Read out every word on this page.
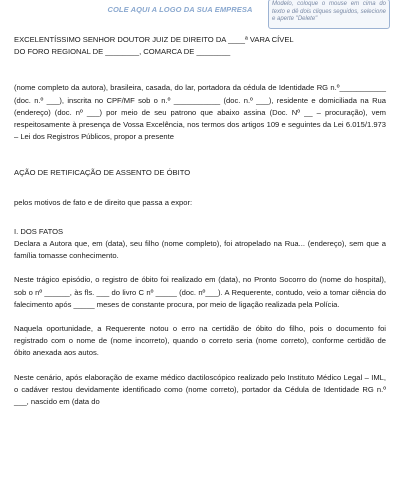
COLE AQUI A LOGO DA SUA EMPRESA
Modelo, coloque o mouse em cima do texto e dê dois cliques seguidos, selecione e aperte "Delete"

EXCELENTÍSSIMO SENHOR DOUTOR JUIZ DE DIREITO DA ____ª VARA CÍVEL

DO FORO REGIONAL DE ________, COMARCA DE ________

(nome completo da autora), brasileira, casada, do lar, portadora da cédula de Identidade RG n.º___________ (doc. n.º ___), inscrita no CPF/MF sob o n.º ___________ (doc. n.º ___), residente e domiciliada na Rua (endereço) (doc. nº ___) por meio de seu patrono que abaixo assina (Doc. Nº __ – procuração), vem respeitosamente à presença de Vossa Excelência, nos termos dos artigos 109 e seguintes da Lei 6.015/1.973 – Lei dos Registros Públicos, propor a presente

AÇÃO DE RETIFICAÇÃO DE ASSENTO DE ÓBITO

pelos motivos de fato e de direito que passa a expor:

I. DOS FATOS

Declara a Autora que, em (data), seu filho (nome completo), foi atropelado na Rua... (endereço), sem que a família tomasse conhecimento.

Neste trágico episódio, o registro de óbito foi realizado em (data), no Pronto Socorro do (nome do hospital), sob o nº ______, às fls. ___ do livro C nº _____ (doc. nº___). A Requerente, contudo, veio a tomar ciência do falecimento após _____ meses de constante procura, por meio de ligação realizada pela Polícia.

Naquela oportunidade, a Requerente notou o erro na certidão de óbito do filho, pois o documento foi registrado com o nome de (nome incorreto), quando o correto seria (nome correto), conforme certidão de óbito anexada aos autos.

Neste cenário, após elaboração de exame médico dactiloscópico realizado pelo Instituto Médico Legal – IML, o cadáver restou devidamente identificado como (nome correto), portador da Cédula de Identidade RG n.º ___, nascido em (data do
